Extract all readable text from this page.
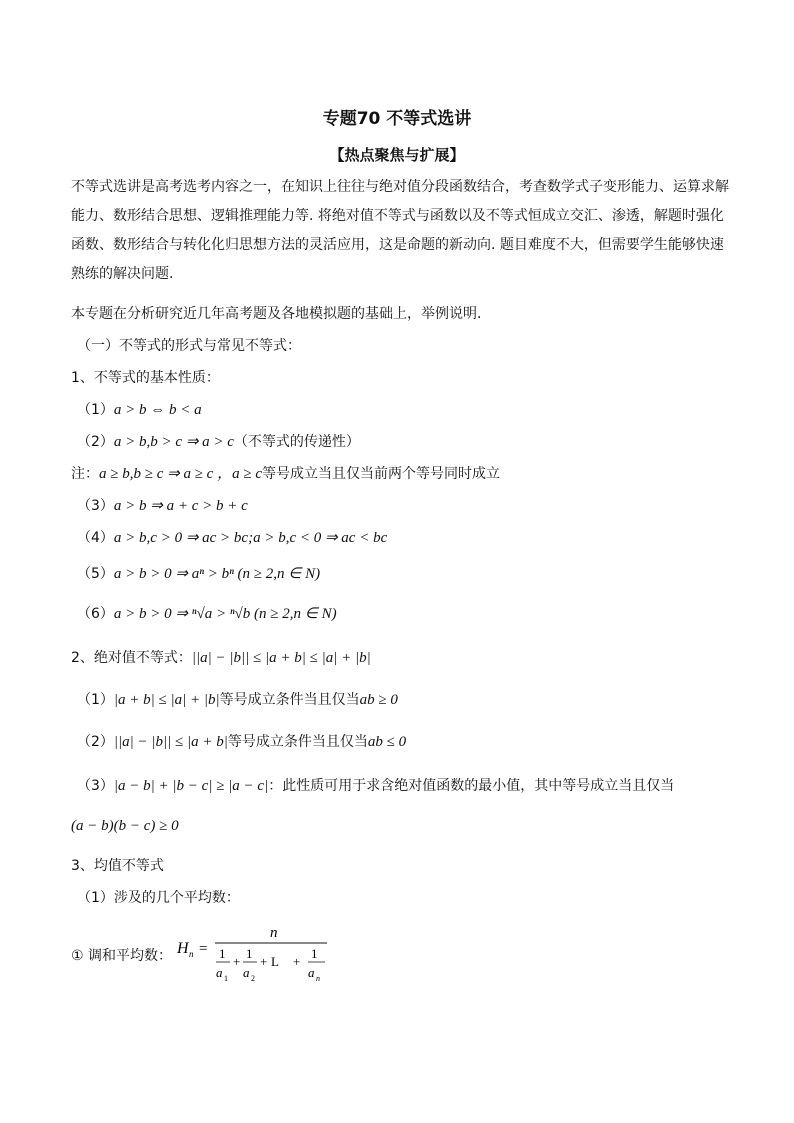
专题70 不等式选讲
【热点聚焦与扩展】
不等式选讲是高考选考内容之一，在知识上往往与绝对值分段函数结合，考查数学式子变形能力、运算求解能力、数形结合思想、逻辑推理能力等. 将绝对值不等式与函数以及不等式恒成立交汇、渗透，解题时强化函数、数形结合与转化化归思想方法的灵活应用，这是命题的新动向. 题目难度不大，但需要学生能够快速熟练的解决问题.
本专题在分析研究近几年高考题及各地模拟题的基础上，举例说明.
（一）不等式的形式与常见不等式：
1、不等式的基本性质：
（1）a > b ⇔ b < a
（2）a > b,b > c ⇒ a > c（不等式的传递性）
注：a ≥ b,b ≥ c ⇒ a ≥ c ，a ≥ c等号成立当且仅当前两个等号同时成立
（3）a > b ⇒ a + c > b + c
（4）a > b,c > 0 ⇒ ac > bc;a > b,c < 0 ⇒ ac < bc
（5）a > b > 0 ⇒ aⁿ > bⁿ (n ≥ 2,n ∈ N)
（6）a > b > 0 ⇒ ⁿ√a > ⁿ√b (n ≥ 2,n ∈ N)
2、绝对值不等式：||a| − |b|| ≤ |a + b| ≤ |a| + |b|
（1）|a + b| ≤ |a| + |b|等号成立条件当且仅当ab ≥ 0
（2）||a| − |b|| ≤ |a + b|等号成立条件当且仅当ab ≤ 0
（3）|a − b| + |b − c| ≥ |a − c|：此性质可用于求含绝对值函数的最小值，其中等号成立当且仅当
(a − b)(b − c) ≥ 0
3、均值不等式
（1）涉及的几个平均数：
① 调和平均数： H n =
n
1
a 1
+
1
a 2
+ L +
1
a n
